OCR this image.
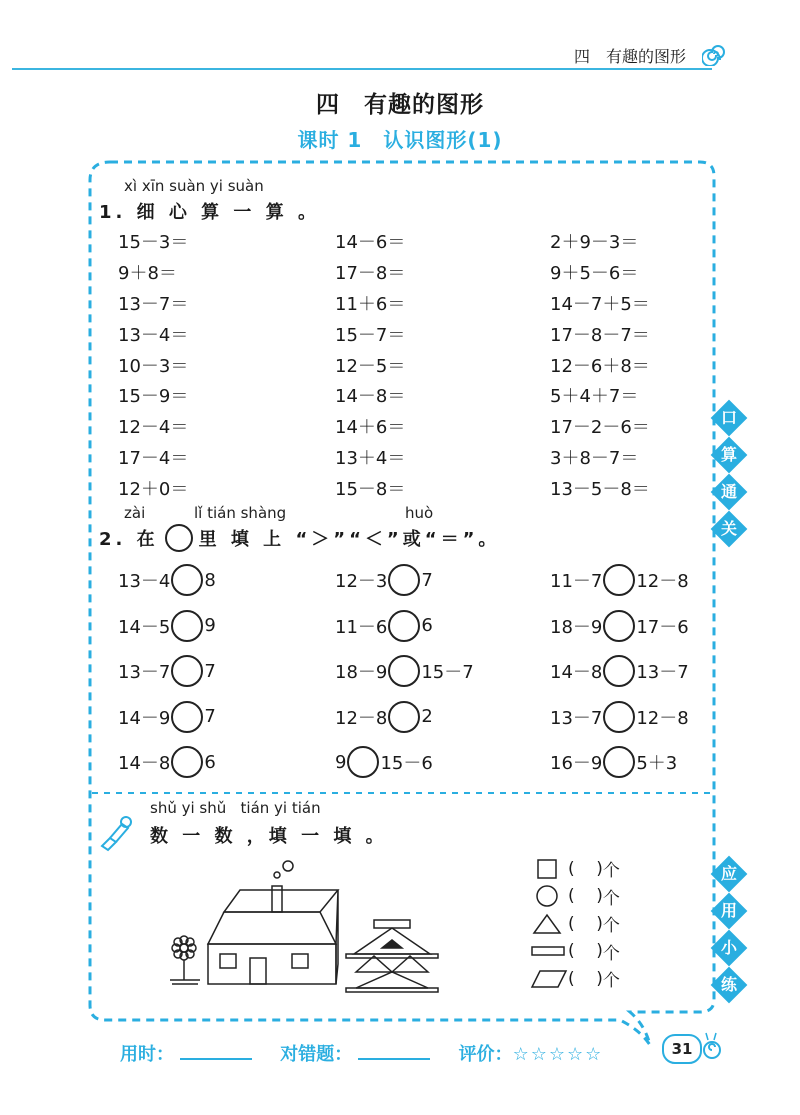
四　有趣的图形
四　有趣的图形
课时 1　认识图形(1)
xì xīn suàn yi suàn
1. 细 心 算 一 算 。
15－3＝	14－6＝	2＋9－3＝
9＋8＝	17－8＝	9＋5－6＝
13－7＝	11＋6＝	14－7＋5＝
13－4＝	15－7＝	17－8－7＝
10－3＝	12－5＝	12－6＋8＝
15－9＝	14－8＝	5＋4＋7＝
12－4＝	14＋6＝	17－2－6＝
17－4＝	13＋4＝	3＋8－7＝
12＋0＝	15－8＝	13－5－8＝
zài	lǐ tián shàng	huò
2. 在 里 填 上 “＞”“＜”或“＝”。
13－4 8	12－3 7	11－7 12－8
14－5 9	11－6 6	18－9 17－6
13－7 7	18－9 15－7	14－8 13－7
14－9 7	12－8 2	13－7 12－8
14－8 6	9 15－6	16－9 5＋3
shǔ yi shǔ   tián yi tián
数 一 数 ，填 一 填 。
(    ) 个
(    ) 个
(    ) 个
(    ) 个
(    ) 个
口
算
通
关
应
用
小
练
用时：	对错题：	评价：☆☆☆☆☆	31
